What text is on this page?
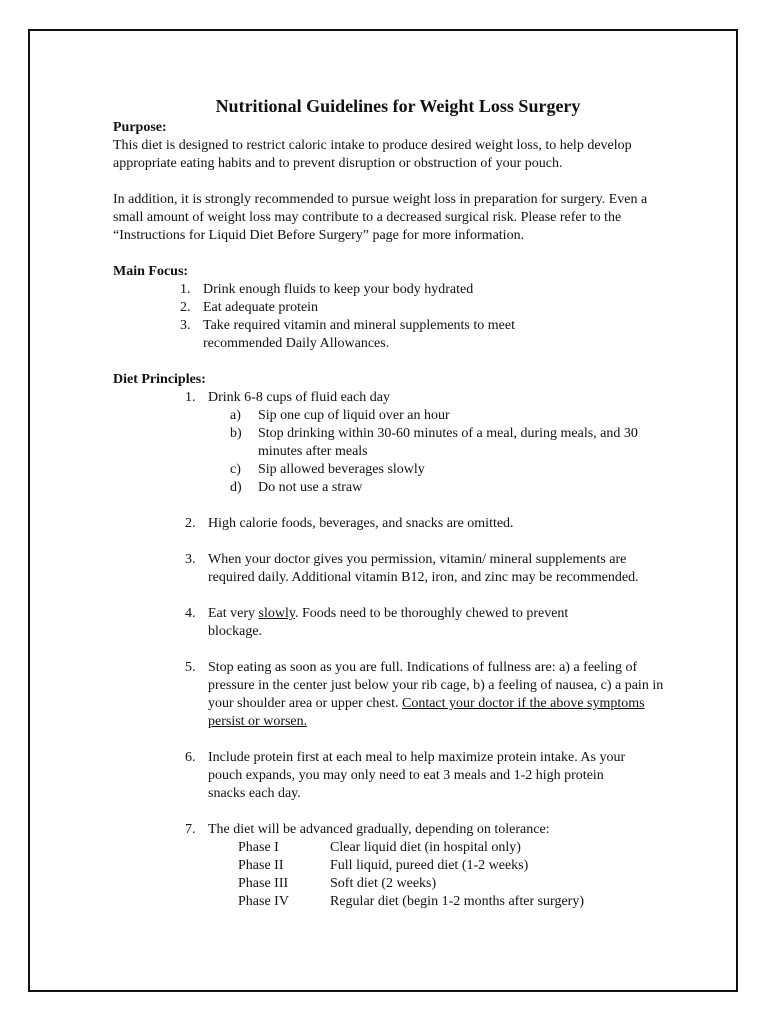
Nutritional Guidelines for Weight Loss Surgery
Purpose:

This diet is designed to restrict caloric intake to produce desired weight loss, to help develop appropriate eating habits and to prevent disruption or obstruction of your pouch.

In addition, it is strongly recommended to pursue weight loss in preparation for surgery. Even a small amount of weight loss may contribute to a decreased surgical risk. Please refer to the “Instructions for Liquid Diet Before Surgery” page for more information.

Main Focus:
1. Drink enough fluids to keep your body hydrated
2. Eat adequate protein
3. Take required vitamin and mineral supplements to meet recommended Daily Allowances.
Diet Principles:
1. Drink 6-8 cups of fluid each day
a) Sip one cup of liquid over an hour
b) Stop drinking within 30-60 minutes of a meal, during meals, and 30 minutes after meals
c) Sip allowed beverages slowly
d) Do not use a straw
2. High calorie foods, beverages, and snacks are omitted.
3. When your doctor gives you permission, vitamin/ mineral supplements are required daily. Additional vitamin B12, iron, and zinc may be recommended.
4. Eat very slowly. Foods need to be thoroughly chewed to prevent blockage.
5. Stop eating as soon as you are full. Indications of fullness are: a) a feeling of pressure in the center just below your rib cage, b) a feeling of nausea, c) a pain in your shoulder area or upper chest. Contact your doctor if the above symptoms persist or worsen.
6. Include protein first at each meal to help maximize protein intake. As your pouch expands, you may only need to eat 3 meals and 1-2 high protein snacks each day.
7. The diet will be advanced gradually, depending on tolerance:
Phase I	Clear liquid diet (in hospital only)
Phase II	Full liquid, pureed diet (1-2 weeks)
Phase III	Soft diet (2 weeks)
Phase IV	Regular diet (begin 1-2 months after surgery)
